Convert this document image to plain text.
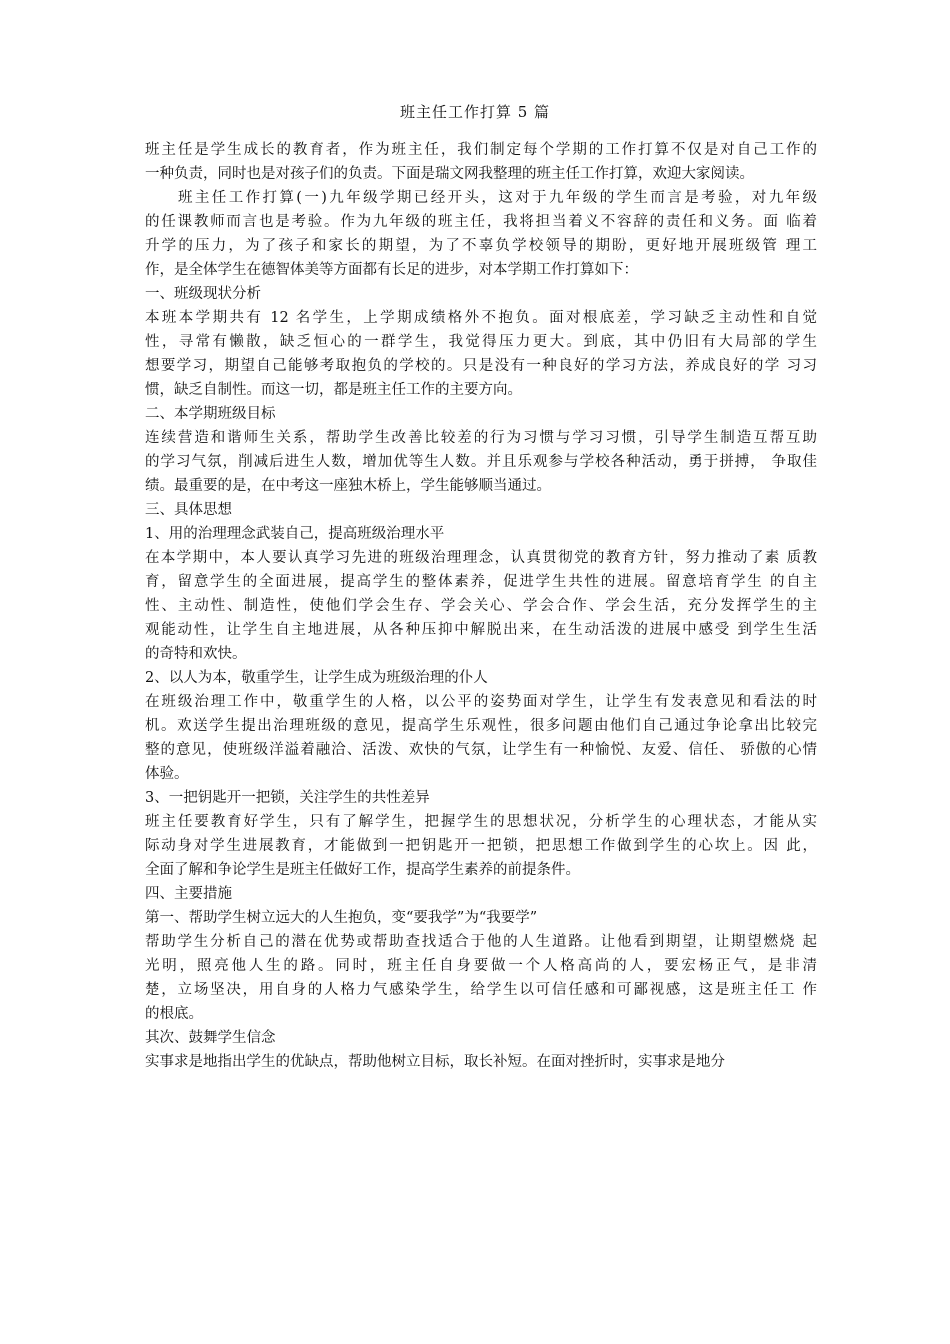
班主任工作打算 5 篇
班主任是学生成长的教育者，作为班主任，我们制定每个学期的工作打算不仅是对自己工作的
一种负责，同时也是对孩子们的负责。下面是瑞文网我整理的班主任工作打算，欢迎大家阅读。
班主任工作打算(一)九年级学期已经开头，这对于九年级的学生而言是考验，对九年级
的任课教师而言也是考验。作为九年级的班主任，我将担当着义不容辞的责任和义务。面 临着
升学的压力，为了孩子和家长的期望，为了不辜负学校领导的期盼，更好地开展班级管 理工
作，是全体学生在德智体美等方面都有长足的进步，对本学期工作打算如下：
一、班级现状分析
本班本学期共有 12 名学生，上学期成绩格外不抱负。面对根底差，学习缺乏主动性和自觉
性，寻常有懒散，缺乏恒心的一群学生，我觉得压力更大。到底，其中仍旧有大局部的学生
想要学习，期望自己能够考取抱负的学校的。只是没有一种良好的学习方法，养成良好的学 习习
惯，缺乏自制性。而这一切，都是班主任工作的主要方向。
二、本学期班级目标
连续营造和谐师生关系，帮助学生改善比较差的行为习惯与学习习惯，引导学生制造互帮互助
的学习气氛，削减后进生人数，增加优等生人数。并且乐观参与学校各种活动，勇于拼搏， 争取佳
绩。最重要的是，在中考这一座独木桥上，学生能够顺当通过。
三、具体思想
1、用的治理理念武装自己，提高班级治理水平
在本学期中，本人要认真学习先进的班级治理理念，认真贯彻党的教育方针，努力推动了素 质教
育，留意学生的全面进展，提高学生的整体素养，促进学生共性的进展。留意培育学生 的自主
性、主动性、制造性，使他们学会生存、学会关心、学会合作、学会生活，充分发挥学生的主
观能动性，让学生自主地进展，从各种压抑中解脱出来，在生动活泼的进展中感受 到学生生活
的奇特和欢快。
2、以人为本，敬重学生，让学生成为班级治理的仆人
在班级治理工作中，敬重学生的人格，以公平的姿势面对学生，让学生有发表意见和看法的时
机。欢送学生提出治理班级的意见，提高学生乐观性，很多问题由他们自己通过争论拿出比较完
整的意见，使班级洋溢着融洽、活泼、欢快的气氛，让学生有一种愉悦、友爱、信任、 骄傲的心情
体验。
3、一把钥匙开一把锁，关注学生的共性差异
班主任要教育好学生，只有了解学生，把握学生的思想状况，分析学生的心理状态，才能从实
际动身对学生进展教育，才能做到一把钥匙开一把锁，把思想工作做到学生的心坎上。因 此，
全面了解和争论学生是班主任做好工作，提高学生素养的前提条件。
四、主要措施
第一、帮助学生树立远大的人生抱负，变“要我学”为“我要学”
帮助学生分析自己的潜在优势或帮助查找适合于他的人生道路。让他看到期望，让期望燃烧 起
光明，照亮他人生的路。同时，班主任自身要做一个人格高尚的人，要宏杨正气，是非清
楚，立场坚决，用自身的人格力气感染学生，给学生以可信任感和可鄙视感，这是班主任工 作
的根底。
其次、鼓舞学生信念
实事求是地指出学生的优缺点，帮助他树立目标，取长补短。在面对挫折时，实事求是地分
